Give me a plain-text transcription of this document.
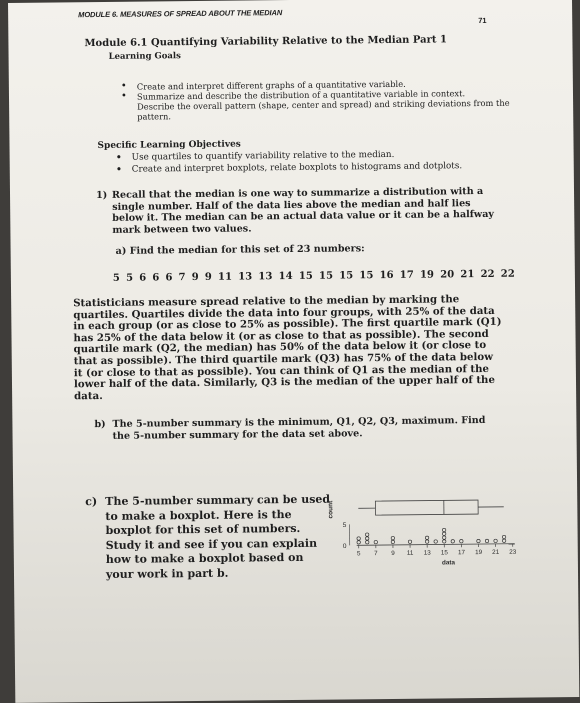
MODULE 6. MEASURES OF SPREAD ABOUT THE MEDIAN
71
Module 6.1 Quantifying Variability Relative to the Median Part 1
Learning Goals
• Create and interpret different graphs of a quantitative variable.
• Summarize and describe the distribution of a quantitative variable in context.
Describe the overall pattern (shape, center and spread) and striking deviations from the pattern.
Specific Learning Objectives
• Use quartiles to quantify variability relative to the median.
• Create and interpret boxplots, relate boxplots to histograms and dotplots.
1) Recall that the median is one way to summarize a distribution with a single number. Half of the data lies above the median and half lies below it. The median can be an actual data value or it can be a halfway mark between two values.
a) Find the median for this set of 23 numbers:
5 5 6 6 6 7 9 9 11 13 13 14 15 15 15 15 16 17 19 20 21 22 22
Statisticians measure spread relative to the median by marking the quartiles. Quartiles divide the data into four groups, with 25% of the data in each group (or as close to 25% as possible). The first quartile mark (Q1) has 25% of the data below it (or as close to that as possible). The second quartile mark (Q2, the median) has 50% of the data below it (or close to that as possible). The third quartile mark (Q3) has 75% of the data below it (or close to that as possible). You can think of Q1 as the median of the lower half of the data. Similarly, Q3 is the median of the upper half of the data.
b) The 5-number summary is the minimum, Q1, Q2, Q3, maximum. Find the 5-number summary for the data set above.
c) The 5-number summary can be used to make a boxplot. Here is the boxplot for this set of numbers. Study it and see if you can explain how to make a boxplot based on your work in part b.
count
0
5
5 7 9 11 13 15 17 19 21 23
data
